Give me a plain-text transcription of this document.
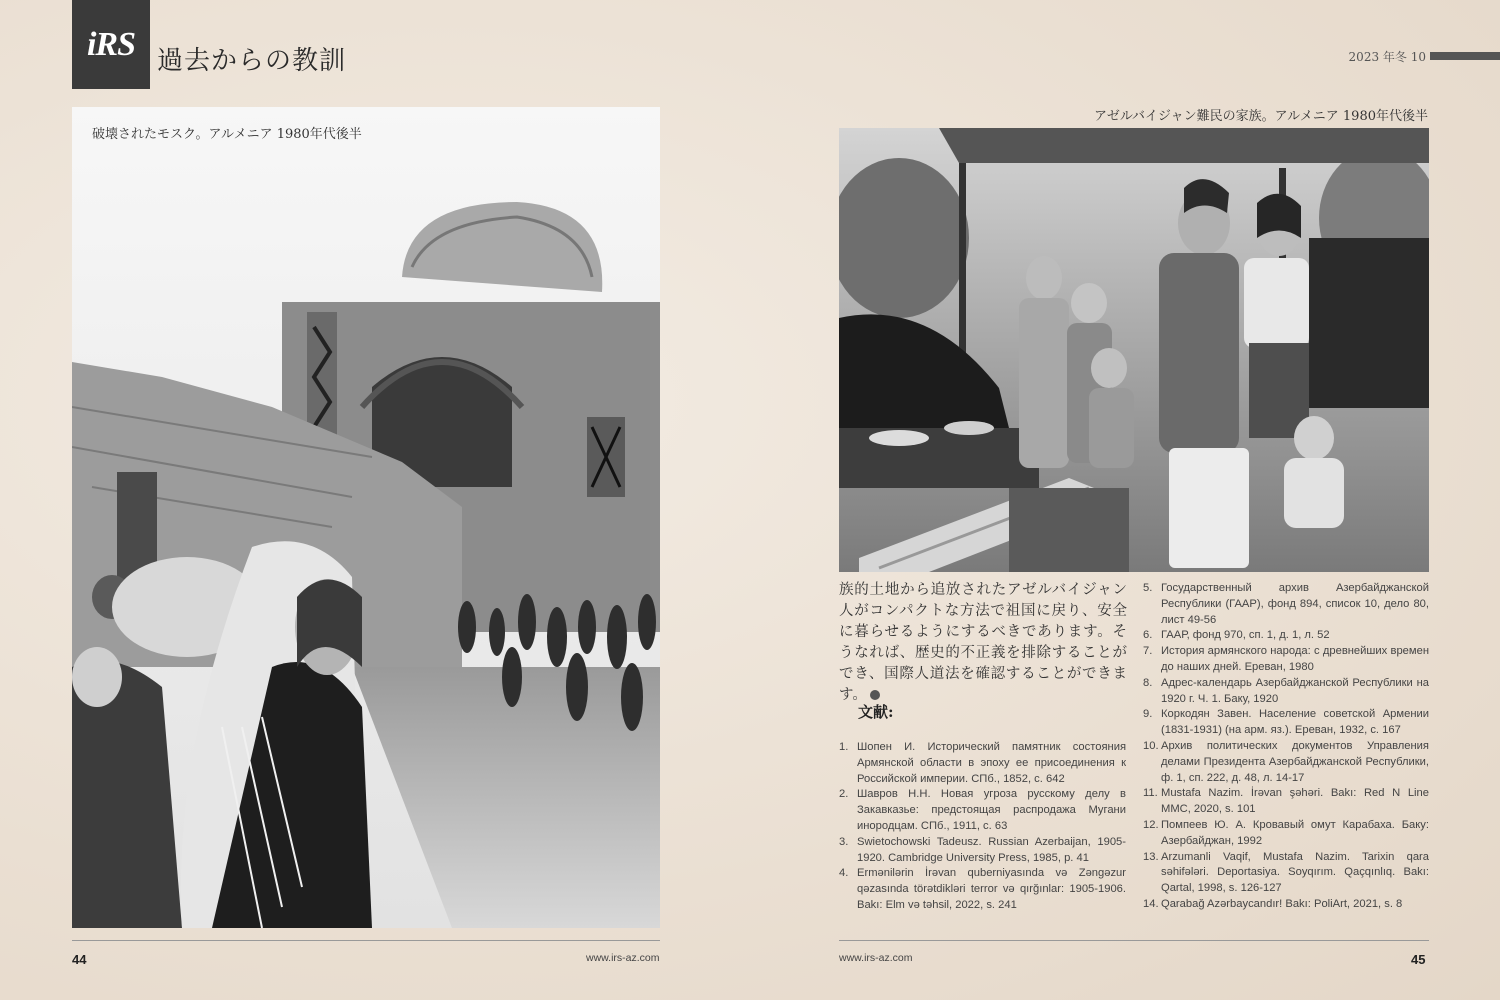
iRS 過去からの教訓	2023 年冬 10
破壊されたモスク。アルメニア 1980年代後半
アゼルバイジャン難民の家族。アルメニア 1980年代後半
族的土地から追放されたアゼルバイジャン人がコンパクトな方法で祖国に戻り、安全に暮らせるようにするべきであります。そうなれば、歴史的不正義を排除することができ、国際人道法を確認することができます。
文献:
1. Шопен И. Исторический памятник состояния Армянской области в эпоху ее присоединения к Российской империи. СПб., 1852, с. 642
2. Шавров Н.Н. Новая угроза русскому делу в Закавказье: предстоящая распродажа Мугани инородцам. СПб., 1911, с. 63
3. Swietochowski Tadeusz. Russian Azerbaijan, 1905-1920. Cambridge University Press, 1985, p. 41
4. Ermənilərin İrəvan quberniyasında və Zəngəzur qəzasında törətdikləri terror və qırğınlar: 1905-1906. Bakı: Elm və təhsil, 2022, s. 241
5. Государственный архив Азербайджанской Республики (ГААР), фонд 894, список 10, дело 80, лист 49-56
6. ГААР, фонд 970, сп. 1, д. 1, л. 52
7. История армянского народа: с древнейших времен до наших дней. Ереван, 1980
8. Адрес-календарь Азербайджанской Республики на 1920 г. Ч. 1. Баку, 1920
9. Коркодян Завен. Население советской Армении (1831-1931) (на арм. яз.). Ереван, 1932, с. 167
10. Архив политических документов Управления делами Президента Азербайджанской Республики, ф. 1, сп. 222, д. 48, л. 14-17
11. Mustafa Nazim. İrəvan şəhəri. Bakı: Red N Line MMC, 2020, s. 101
12. Помпеев Ю. А. Кровавый омут Карабаха. Баку: Азербайджан, 1992
13. Arzumanli Vaqif, Mustafa Nazim. Tarixin qara səhifələri. Deportasiya. Soyqırım. Qaçqınlıq. Bakı: Qartal, 1998, s. 126-127
14. Qarabağ Azərbaycandır! Bakı: PoliArt, 2021, s. 8
44	www.irs-az.com	www.irs-az.com	45
